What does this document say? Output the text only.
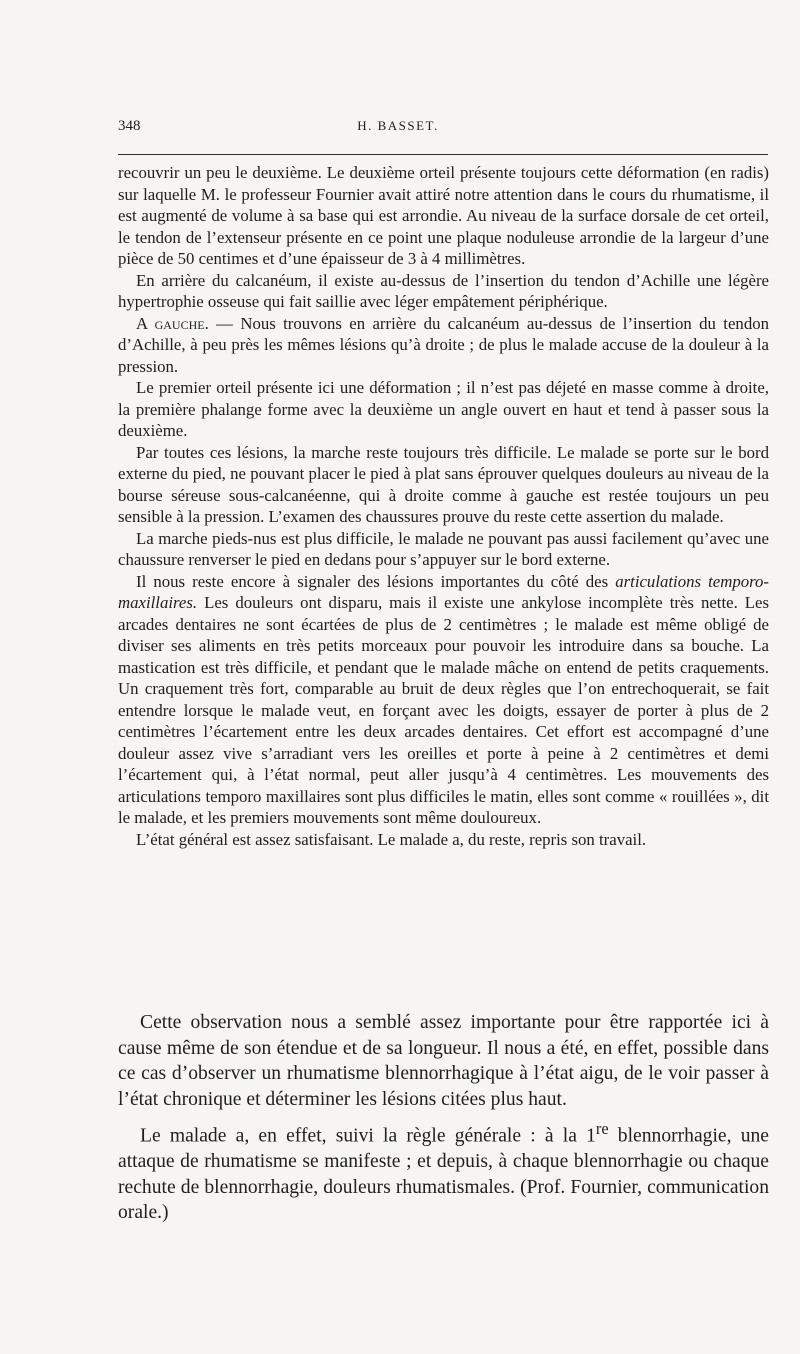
348	H. BASSET.

recouvrir un peu le deuxième. Le deuxième orteil présente toujours cette déformation (en radis) sur laquelle M. le professeur Fournier avait attiré notre attention dans le cours du rhumatisme, il est augmenté de volume à sa base qui est arrondie. Au niveau de la surface dorsale de cet orteil, le tendon de l’extenseur présente en ce point une plaque noduleuse arrondie de la largeur d’une pièce de 50 centimes et d’une épaisseur de 3 à 4 millimètres.

En arrière du calcanéum, il existe au-dessus de l’insertion du tendon d’Achille une légère hypertrophie osseuse qui fait saillie avec léger empâtement périphérique.

A gauche. — Nous trouvons en arrière du calcanéum au-dessus de l’insertion du tendon d’Achille, à peu près les mêmes lésions qu’à droite ; de plus le malade accuse de la douleur à la pression.

Le premier orteil présente ici une déformation ; il n’est pas déjeté en masse comme à droite, la première phalange forme avec la deuxième un angle ouvert en haut et tend à passer sous la deuxième.

Par toutes ces lésions, la marche reste toujours très difficile. Le malade se porte sur le bord externe du pied, ne pouvant placer le pied à plat sans éprouver quelques douleurs au niveau de la bourse séreuse sous-calcanéenne, qui à droite comme à gauche est restée toujours un peu sensible à la pression. L’examen des chaussures prouve du reste cette assertion du malade.

La marche pieds-nus est plus difficile, le malade ne pouvant pas aussi facilement qu’avec une chaussure renverser le pied en dedans pour s’appuyer sur le bord externe.

Il nous reste encore à signaler des lésions importantes du côté des articulations temporo-maxillaires. Les douleurs ont disparu, mais il existe une ankylose incomplète très nette. Les arcades dentaires ne sont écartées de plus de 2 centimètres ; le malade est même obligé de diviser ses aliments en très petits morceaux pour pouvoir les introduire dans sa bouche. La mastication est très difficile, et pendant que le malade mâche on entend de petits craquements. Un craquement très fort, comparable au bruit de deux règles que l’on entrechoquerait, se fait entendre lorsque le malade veut, en forçant avec les doigts, essayer de porter à plus de 2 centimètres l’écartement entre les deux arcades dentaires. Cet effort est accompagné d’une douleur assez vive s’arradiant vers les oreilles et porte à peine à 2 centimètres et demi l’écartement qui, à l’état normal, peut aller jusqu’à 4 centimètres. Les mouvements des articulations temporo maxillaires sont plus difficiles le matin, elles sont comme « rouillées », dit le malade, et les premiers mouvements sont même douloureux.

L’état général est assez satisfaisant. Le malade a, du reste, repris son travail.

Cette observation nous a semblé assez importante pour être rapportée ici à cause même de son étendue et de sa longueur. Il nous a été, en effet, possible dans ce cas d’observer un rhumatisme blennorrhagique à l’état aigu, de le voir passer à l’état chronique et déterminer les lésions citées plus haut.

Le malade a, en effet, suivi la règle générale : à la 1re blennorrhagie, une attaque de rhumatisme se manifeste ; et depuis, à chaque blennorrhagie ou chaque rechute de blennorrhagie, douleurs rhumatismales. (Prof. Fournier, communication orale.)
